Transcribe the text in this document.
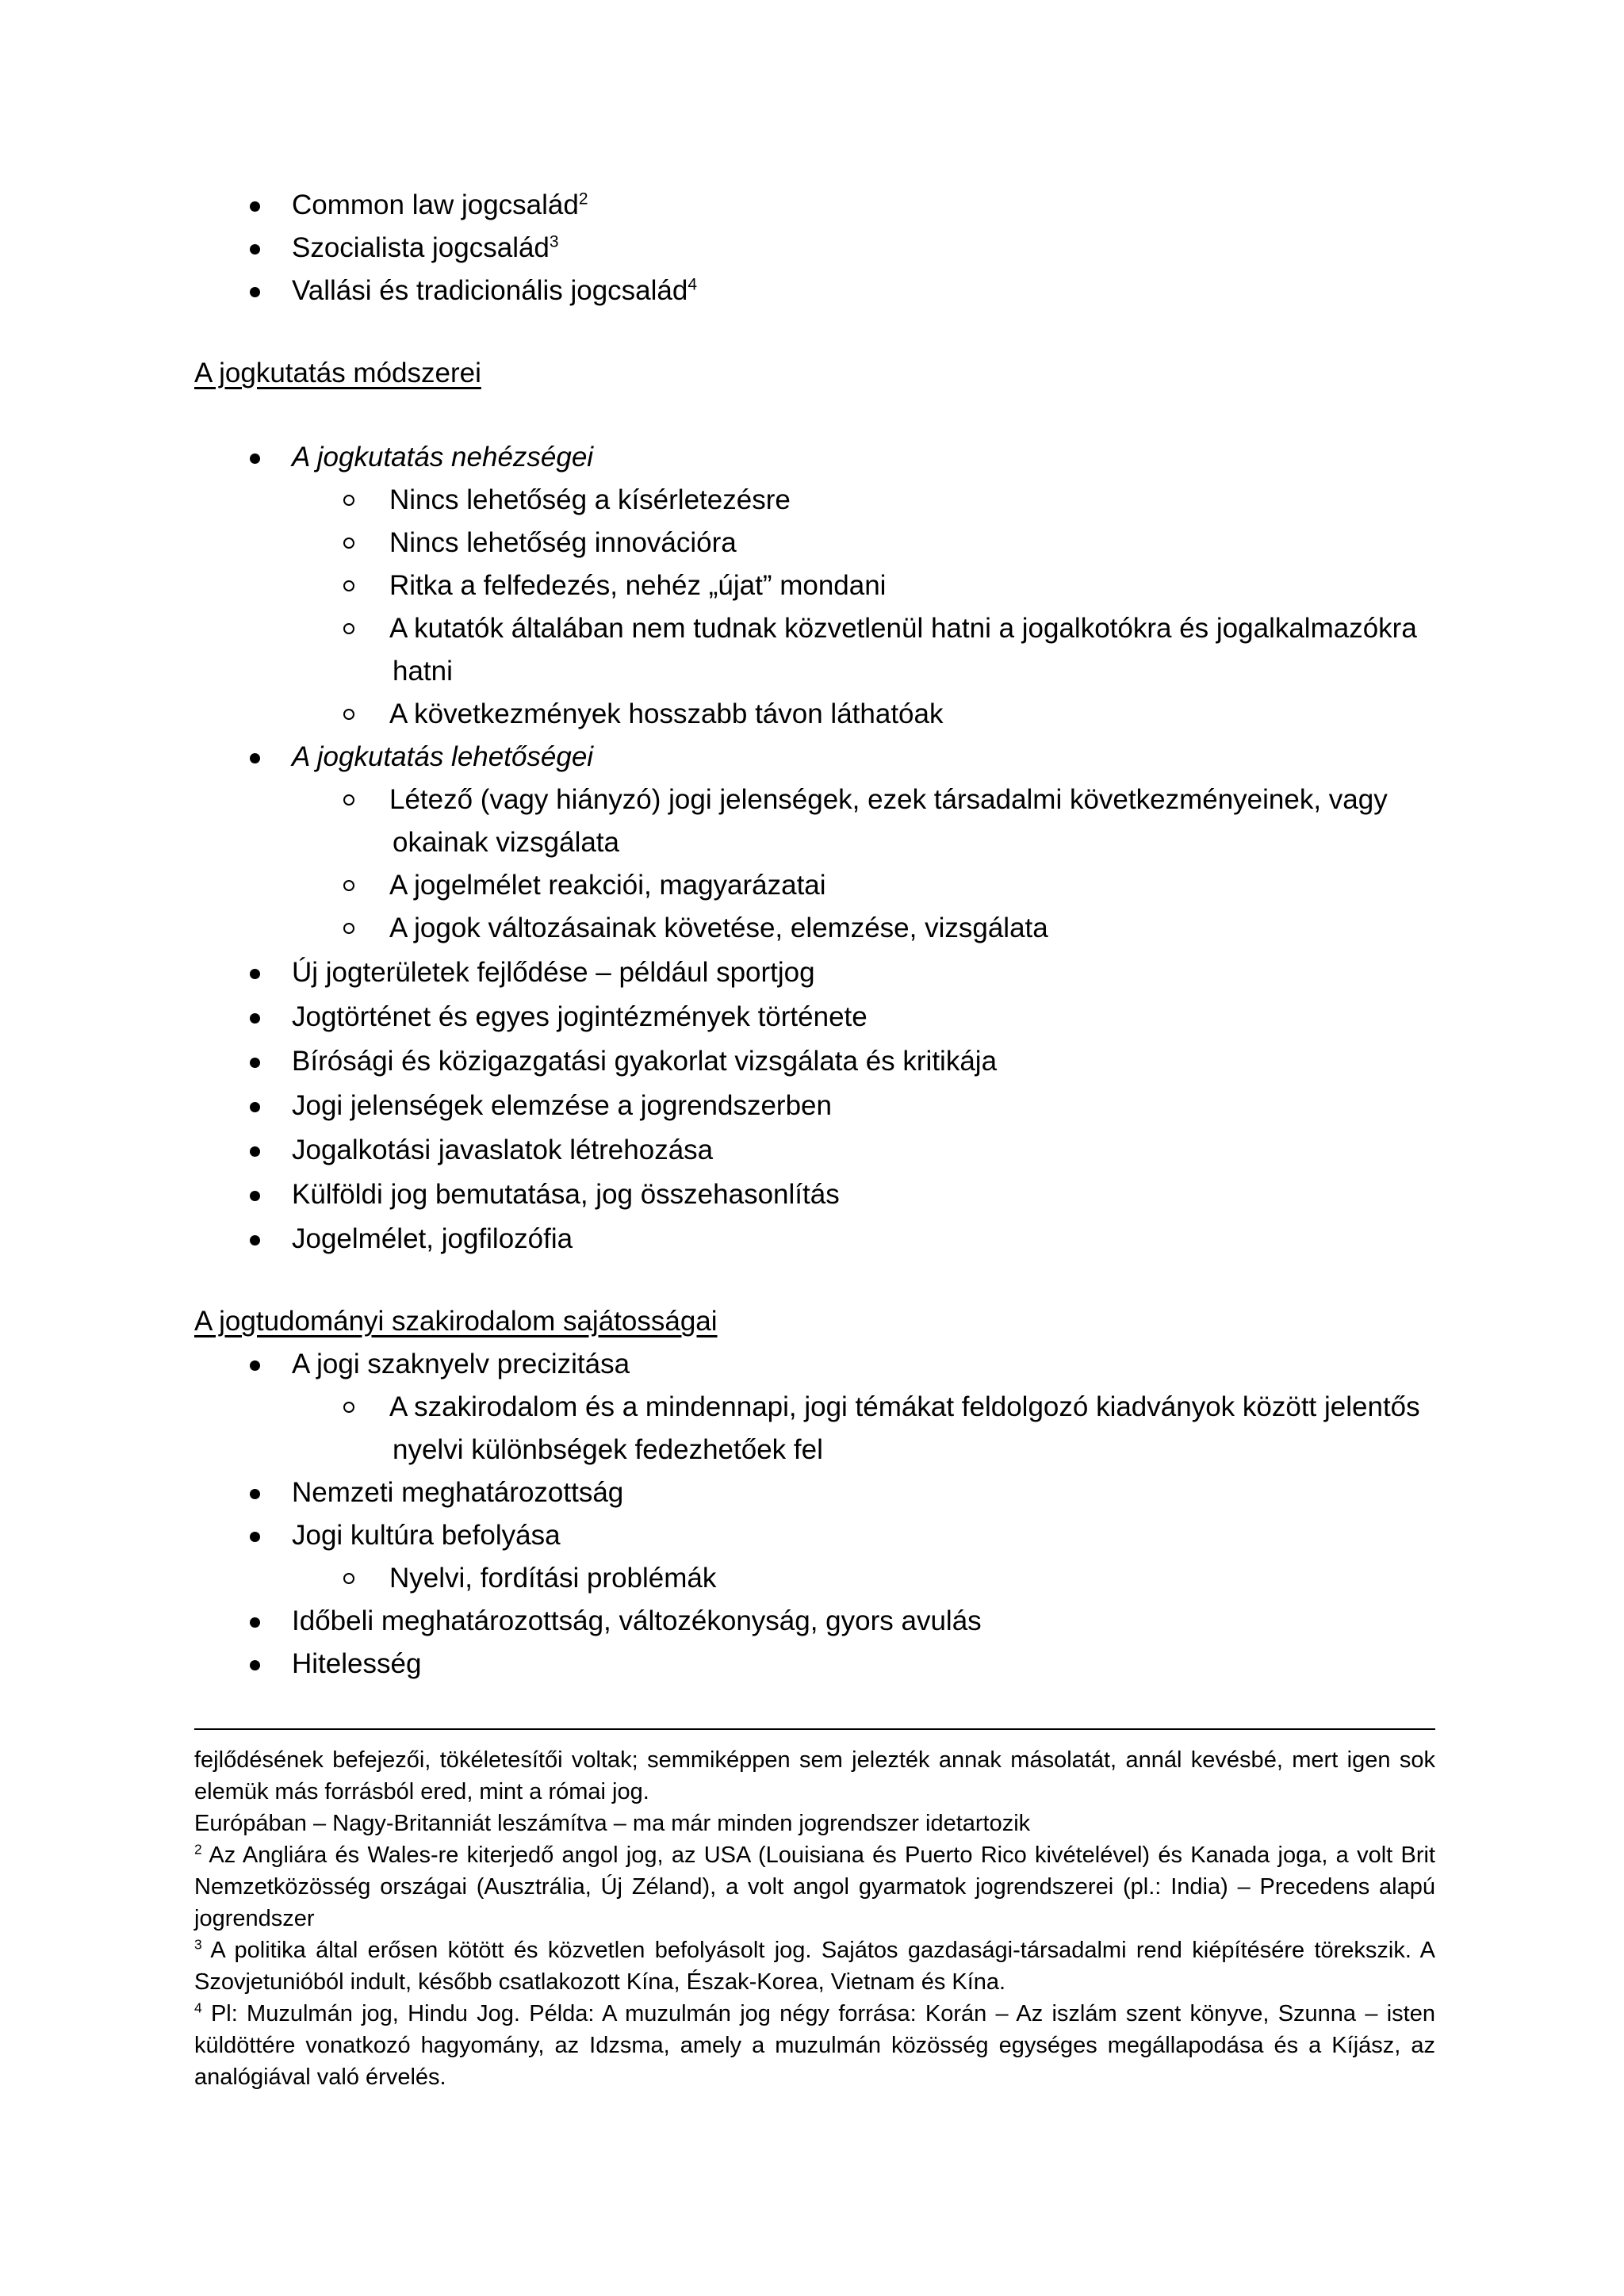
Common law jogcsalád$^2$
Szocialista jogcsalád$^3$
Vallási és tradicionális jogcsalád$^4$
A jogkutatás módszerei
A jogkutatás nehézségei
Nincs lehetőség a kísérletezésre
Nincs lehetőség innovációra
Ritka a felfedezés, nehéz „újat” mondani
A kutatók általában nem tudnak közvetlenül hatni a jogalkotókra és jogalkalmazókra
hatni
A következmények hosszabb távon láthatóak
A jogkutatás lehetőségei
Létező (vagy hiányzó) jogi jelenségek, ezek társadalmi következményeinek, vagy
okainak vizsgálata
A jogelmélet reakciói, magyarázatai
A jogok változásainak követése, elemzése, vizsgálata
Új jogterületek fejlődése – például sportjog
Jogtörténet és egyes jogintézmények története
Bírósági és közigazgatási gyakorlat vizsgálata és kritikája
Jogi jelenségek elemzése a jogrendszerben
Jogalkotási javaslatok létrehozása
Külföldi jog bemutatása, jog összehasonlítás
Jogelmélet, jogfilozófia
A jogtudományi szakirodalom sajátosságai
A jogi szaknyelv precizitása
A szakirodalom és a mindennapi, jogi témákat feldolgozó kiadványok között jelentős
nyelvi különbségek fedezhetőek fel
Nemzeti meghatározottság
Jogi kultúra befolyása
Nyelvi, fordítási problémák
Időbeli meghatározottság, változékonyság, gyors avulás
Hitelesség

fejlődésének befejezői, tökéletesítői voltak; semmiképpen sem jelezték annak másolatát, annál kevésbé, mert igen sok elemük más forrásból ered, mint a római jog.

Európában – Nagy-Britanniát leszámítva – ma már minden jogrendszer idetartozik

$^2$ Az Angliára és Wales-re kiterjedő angol jog, az USA (Louisiana és Puerto Rico kivételével) és Kanada joga, a volt Brit Nemzetközösség országai (Ausztrália, Új Zéland), a volt angol gyarmatok jogrendszerei (pl.: India) – Precedens alapú jogrendszer

$^3$ A politika által erősen kötött és közvetlen befolyásolt jog. Sajátos gazdasági-társadalmi rend kiépítésére törekszik. A Szovjetunióból indult, később csatlakozott Kína, Észak-Korea, Vietnam és Kína.

$^4$ Pl: Muzulmán jog, Hindu Jog. Példa: A muzulmán jog négy forrása: Korán – Az iszlám szent könyve, Szunna – isten küldöttére vonatkozó hagyomány, az Idzsma, amely a muzulmán közösség egységes megállapodása és a Kíjász, az analógiával való érvelés.
